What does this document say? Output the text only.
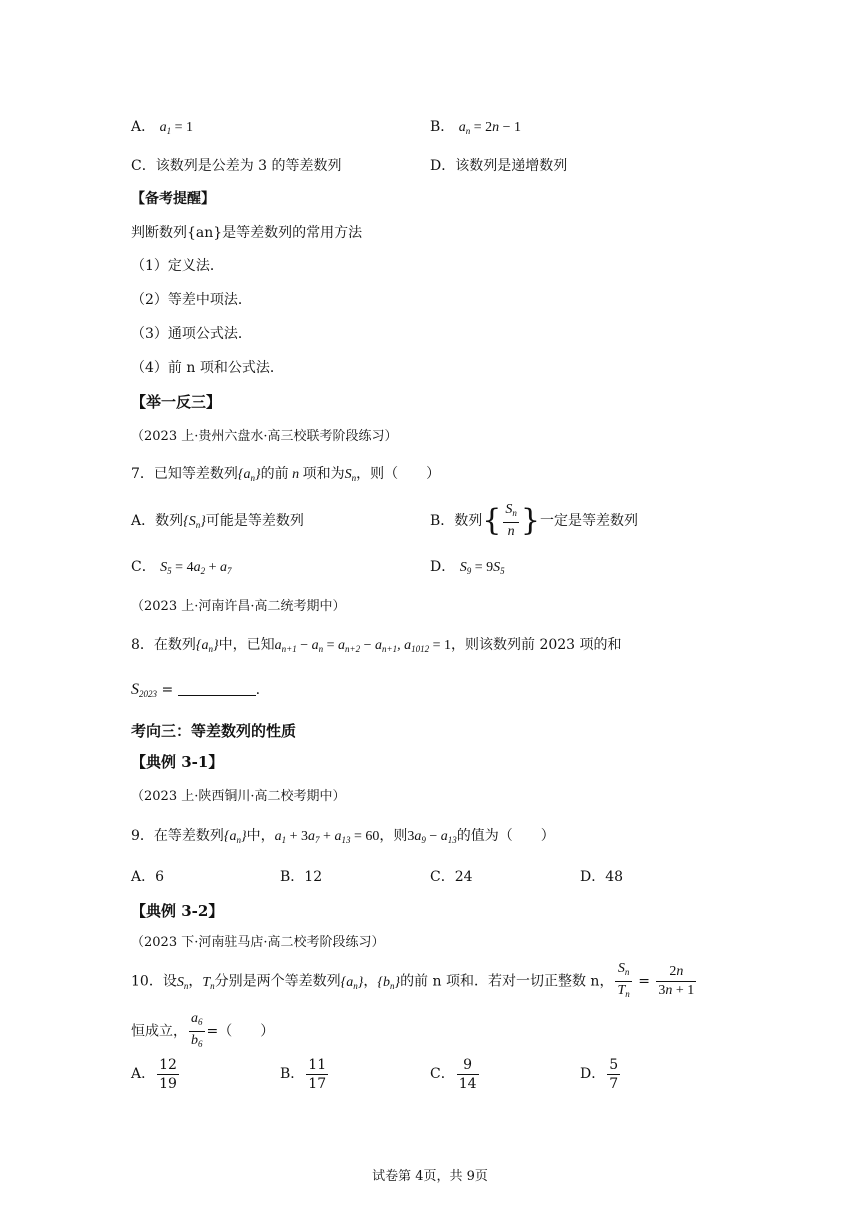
A． $a_1 = 1$	B． $a_n = 2n - 1$
C．该数列是公差为 3 的等差数列	D．该数列是递增数列
【备考提醒】
判断数列{an}是等差数列的常用方法
（1）定义法．
（2）等差中项法．
（3）通项公式法．
（4）前 n 项和公式法．
【举一反三】
（2023 上·贵州六盘水·高三校联考阶段练习）
7．已知等差数列$\{a_n\}$的前 n 项和为$S_n$，则（　　）
A．数列$\{S_n\}$可能是等差数列	B．数列{ $\frac{S_n}{n}$ }一定是等差数列
C． $S_5 = 4a_2 + a_7$	D． $S_9 = 9S_5$
（2023 上·河南许昌·高二统考期中）
8．在数列$\{a_n\}$中，已知$a_{n+1} - a_n = a_{n+2} - a_{n+1}$, $a_{1012} = 1$，则该数列前 2023 项的和
$S_{2023}$ =	.
考向三：等差数列的性质
【典例 3-1】
（2023 上·陕西铜川·高二校考期中）
9．在等差数列$\{a_n\}$中，$a_1 + 3a_7 + a_{13} = 60$，则$3a_9 - a_{13}$的值为（　　）
A．6	B．12	C．24	D．48
【典例 3-2】
（2023 下·河南驻马店·高二校考阶段练习）
10．设$S_n$，$T_n$分别是两个等差数列$\{a_n\}$，$\{b_n\}$的前 n 项和．若对一切正整数 n， $\frac{S_n}{T_n} = \frac{2n}{3n + 1}$
恒成立， $\frac{a_6}{b_6}$ =（　　）
A． $\frac{12}{19}$	B． $\frac{11}{17}$	C． $\frac{9}{14}$	D． $\frac{5}{7}$
试卷第 4页，共 9页
